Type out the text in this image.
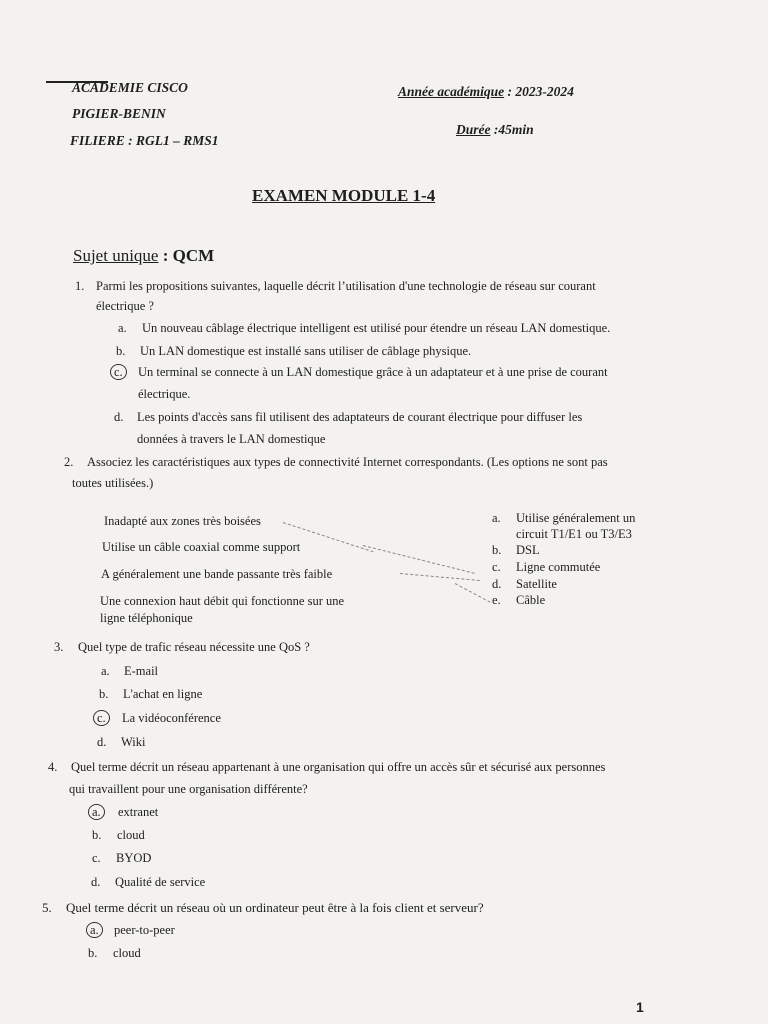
ACADEMIE CISCO
PIGIER-BENIN
FILIERE : RGL1 – RMS1
Année académique : 2023-2024
Durée :45min
EXAMEN MODULE 1-4
Sujet unique : QCM
1. Parmi les propositions suivantes, laquelle décrit l’utilisation d'une technologie de réseau sur courant
électrique ?
a. Un nouveau câblage électrique intelligent est utilisé pour étendre un réseau LAN domestique.
b. Un LAN domestique est installé sans utiliser de câblage physique.
c.	Un terminal se connecte à un LAN domestique grâce à un adaptateur et à une prise de courant
électrique.
d. Les points d'accès sans fil utilisent des adaptateurs de courant électrique pour diffuser les
données à travers le LAN domestique
2. Associez les caractéristiques aux types de connectivité Internet correspondants. (Les options ne sont pas
toutes utilisées.)
Inadapté aux zones très boisées
Utilise un câble coaxial comme support
A généralement une bande passante très faible
Une connexion haut débit qui fonctionne sur une
ligne téléphonique
a. Utilise généralement un
circuit T1/E1 ou T3/E3
b. DSL
c. Ligne commutée
d. Satellite
e. Câble
3. Quel type de trafic réseau nécessite une QoS ?
a. E-mail
b. L'achat en ligne
c.	La vidéoconférence
d. Wiki
4. Quel terme décrit un réseau appartenant à une organisation qui offre un accès sûr et sécurisé aux personnes
qui travaillent pour une organisation différente?
a.	extranet
b. cloud
c. BYOD
d. Qualité de service
5. Quel terme décrit un réseau où un ordinateur peut être à la fois client et serveur?
a.	peer-to-peer
b. cloud
1
